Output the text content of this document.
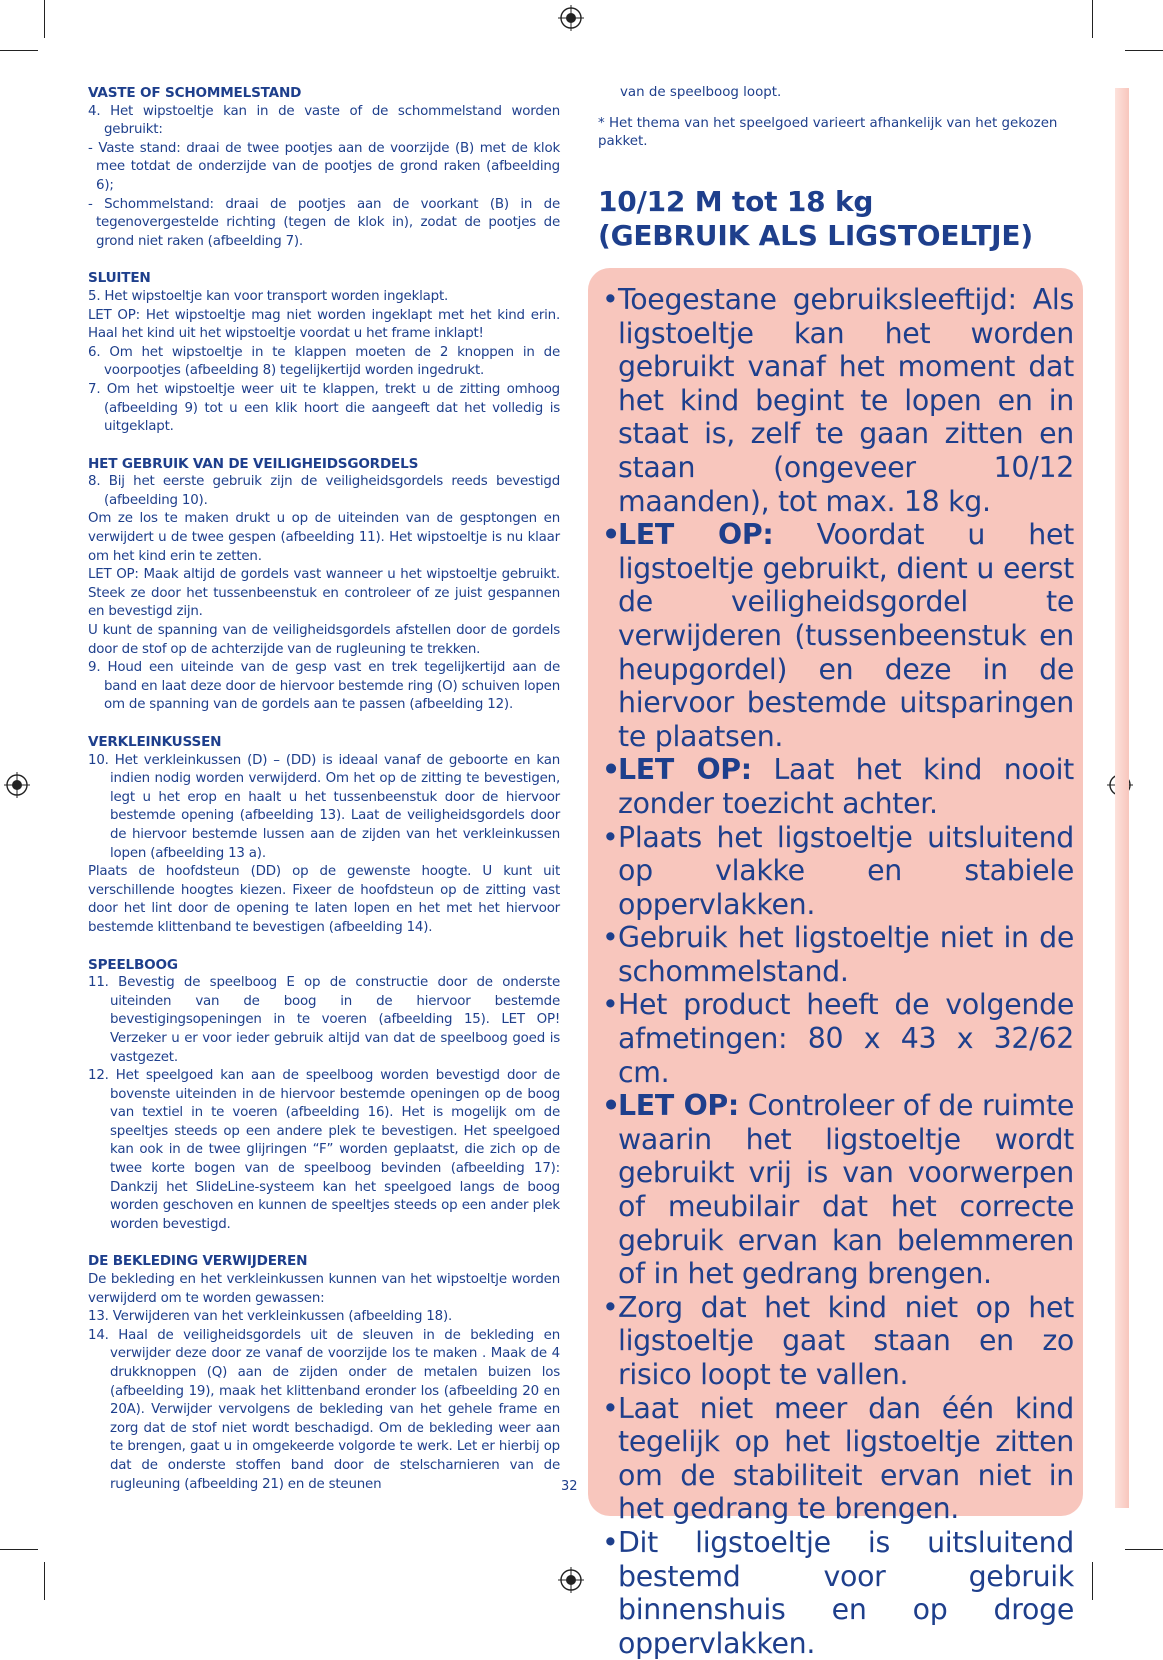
VASTE OF SCHOMMELSTAND
4. Het wipstoeltje kan in de vaste of de schommelstand worden gebruikt:
- Vaste stand: draai de twee pootjes aan de voorzijde (B) met de klok mee totdat de onderzijde van de pootjes de grond raken (afbeelding 6);
- Schommelstand: draai de pootjes aan de voorkant (B) in de tegenovergestelde richting (tegen de klok in), zodat de pootjes de grond niet raken (afbeelding 7).
SLUITEN
5. Het wipstoeltje kan voor transport worden ingeklapt.
LET OP: Het wipstoeltje mag niet worden ingeklapt met het kind erin. Haal het kind uit het wipstoeltje voordat u het frame inklapt!
6. Om het wipstoeltje in te klappen moeten de 2 knoppen in de voorpootjes (afbeelding 8) tegelijkertijd worden ingedrukt.
7. Om het wipstoeltje weer uit te klappen, trekt u de zitting omhoog (afbeelding 9) tot u een klik hoort die aangeeft dat het volledig is uitgeklapt.
HET GEBRUIK VAN DE VEILIGHEIDSGORDELS
8. Bij het eerste gebruik zijn de veiligheidsgordels reeds bevestigd (afbeelding 10).
Om ze los te maken drukt u op de uiteinden van de gesptongen en verwijdert u de twee gespen (afbeelding 11). Het wipstoeltje is nu klaar om het kind erin te zetten.
LET OP: Maak altijd de gordels vast wanneer u het wipstoeltje gebruikt. Steek ze door het tussenbeenstuk en controleer of ze juist gespannen en bevestigd zijn.
U kunt de spanning van de veiligheidsgordels afstellen door de gordels door de stof op de achterzijde van de rugleuning te trekken.
9. Houd een uiteinde van de gesp vast en trek tegelijkertijd aan de band en laat deze door de hiervoor bestemde ring (O) schuiven lopen om de spanning van de gordels aan te passen (afbeelding 12).
VERKLEINKUSSEN
10. Het verkleinkussen (D) – (DD) is ideaal vanaf de geboorte en kan indien nodig worden verwijderd. Om het op de zitting te bevestigen, legt u het erop en haalt u het tussenbeenstuk door de hiervoor bestemde opening (afbeelding 13). Laat de veiligheidsgordels door de hiervoor bestemde lussen aan de zijden van het verkleinkussen lopen (afbeelding 13 a).
Plaats de hoofdsteun (DD) op de gewenste hoogte. U kunt uit verschillende hoogtes kiezen. Fixeer de hoofdsteun op de zitting vast door het lint door de opening te laten lopen en het met het hiervoor bestemde klittenband te bevestigen (afbeelding 14).
SPEELBOOG
11. Bevestig de speelboog E op de constructie door de onderste uiteinden van de boog in de hiervoor bestemde bevestigingsopeningen in te voeren (afbeelding 15). LET OP! Verzeker u er voor ieder gebruik altijd van dat de speelboog goed is vastgezet.
12. Het speelgoed kan aan de speelboog worden bevestigd door de bovenste uiteinden in de hiervoor bestemde openingen op de boog van textiel in te voeren (afbeelding 16). Het is mogelijk om de speeltjes steeds op een andere plek te bevestigen. Het speelgoed kan ook in de twee glijringen “F” worden geplaatst, die zich op de twee korte bogen van de speelboog bevinden (afbeelding 17): Dankzij het SlideLine-systeem kan het speelgoed langs de boog worden geschoven en kunnen de speeltjes steeds op een ander plek worden bevestigd.
DE BEKLEDING VERWIJDEREN
De bekleding en het verkleinkussen kunnen van het wipstoeltje worden verwijderd om te worden gewassen:
13. Verwijderen van het verkleinkussen (afbeelding 18).
14. Haal de veiligheidsgordels uit de sleuven in de bekleding en verwijder deze door ze vanaf de voorzijde los te maken . Maak de 4 drukknoppen (Q) aan de zijden onder de metalen buizen los (afbeelding 19), maak het klittenband eronder los (afbeelding 20 en 20A). Verwijder vervolgens de bekleding van het gehele frame en zorg dat de stof niet wordt beschadigd. Om de bekleding weer aan te brengen, gaat u in omgekeerde volgorde te werk. Let er hierbij op dat de onderste stoffen band door de stelscharnieren van de rugleuning (afbeelding 21) en de steunen
van de speelboog loopt.
* Het thema van het speelgoed varieert afhankelijk van het gekozen pakket.
10/12 M tot 18 kg
(GEBRUIK ALS LIGSTOELTJE)
• Toegestane gebruiksleeftijd: Als ligstoeltje kan het worden gebruikt vanaf het moment dat het kind begint te lopen en in staat is, zelf te gaan zitten en staan (ongeveer 10/12 maanden), tot max. 18 kg.
•
LET OP: Voordat u het ligstoeltje gebruikt, dient u eerst de veiligheidsgordel te verwijderen (tussenbeenstuk en heupgordel) en deze in de hiervoor bestemde uitsparingen te plaatsen.
•
LET OP: Laat het kind nooit zonder toezicht achter.
• Plaats het ligstoeltje uitsluitend op vlakke en stabiele oppervlakken.
• Gebruik het ligstoeltje niet in de schommelstand.
• Het product heeft de volgende afmetingen: 80 x 43 x 32/62 cm.
•
LET OP: Controleer of de ruimte waarin het ligstoeltje wordt gebruikt vrij is van voorwerpen of meubilair dat het correcte gebruik ervan kan belemmeren of in het gedrang brengen.
• Zorg dat het kind niet op het ligstoeltje gaat staan en zo risico loopt te vallen.
• Laat niet meer dan één kind tegelijk op het ligstoeltje zitten om de stabiliteit ervan niet in het gedrang te brengen.
• Dit ligstoeltje is uitsluitend bestemd voor gebruik binnenshuis en op droge oppervlakken.
32
